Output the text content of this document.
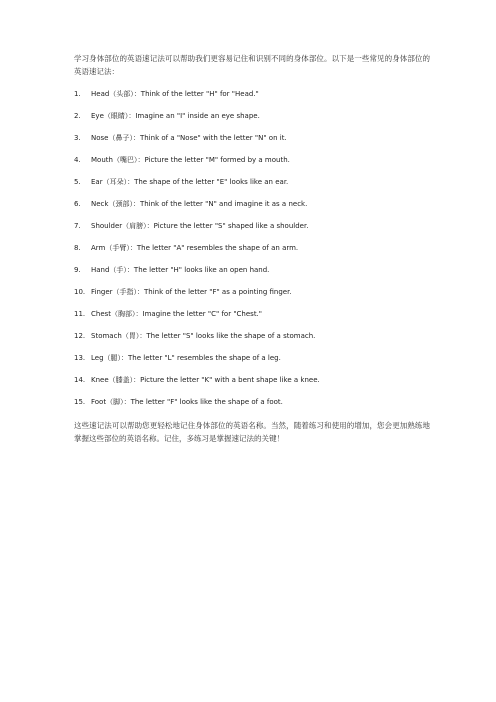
学习身体部位的英语速记法可以帮助我们更容易记住和识别不同的身体部位。以下是一些常见的身体部位的英语速记法：

1.	Head（头部）：Think of the letter "H" for "Head."
2.	Eye（眼睛）：Imagine an "I" inside an eye shape.
3.	Nose（鼻子）：Think of a "Nose" with the letter "N" on it.
4.	Mouth（嘴巴）：Picture the letter "M" formed by a mouth.
5.	Ear（耳朵）：The shape of the letter "E" looks like an ear.
6.	Neck（颈部）：Think of the letter "N" and imagine it as a neck.
7.	Shoulder（肩膀）：Picture the letter "S" shaped like a shoulder.
8.	Arm（手臂）：The letter "A" resembles the shape of an arm.
9.	Hand（手）：The letter "H" looks like an open hand.
10. Finger（手指）：Think of the letter "F" as a pointing finger.
11. Chest（胸部）：Imagine the letter "C" for "Chest."
12. Stomach（胃）：The letter "S" looks like the shape of a stomach.
13. Leg（腿）：The letter "L" resembles the shape of a leg.
14. Knee（膝盖）：Picture the letter "K" with a bent shape like a knee.
15. Foot（脚）：The letter "F" looks like the shape of a foot.

这些速记法可以帮助您更轻松地记住身体部位的英语名称。当然，随着练习和使用的增加，您会更加熟练地掌握这些部位的英语名称。记住，多练习是掌握速记法的关键！
